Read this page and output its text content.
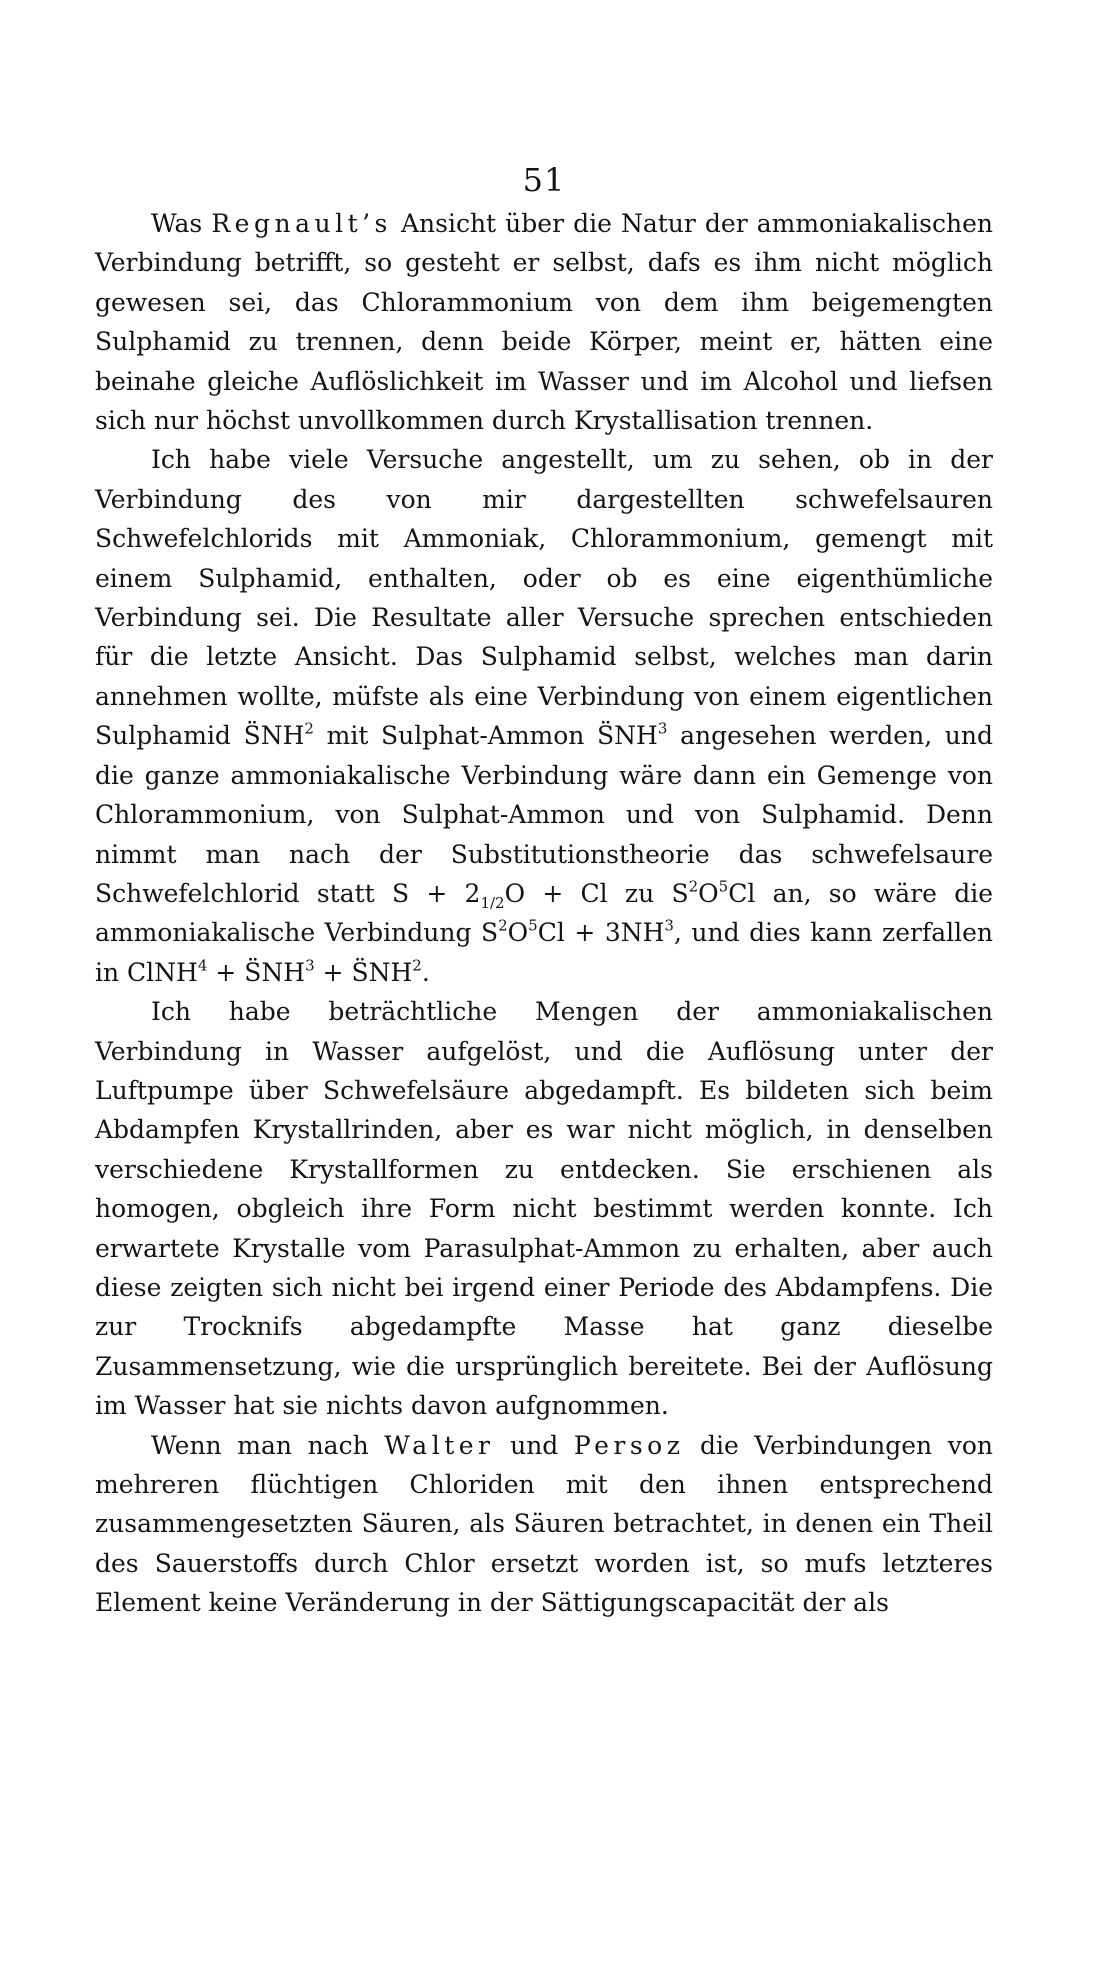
51

Was Regnault’s Ansicht über die Natur der ammoniakalischen Verbindung betrifft, so gesteht er selbst, dafs es ihm nicht möglich gewesen sei, das Chlorammonium von dem ihm beigemengten Sulphamid zu trennen, denn beide Körper, meint er, hätten eine beinahe gleiche Auflöslichkeit im Wasser und im Alcohol und liefsen sich nur höchst unvollkommen durch Krystallisation trennen.

Ich habe viele Versuche angestellt, um zu sehen, ob in der Verbindung des von mir dargestellten schwefelsauren Schwefelchlorids mit Ammoniak, Chlorammonium, gemengt mit einem Sulphamid, enthalten, oder ob es eine eigenthümliche Verbindung sei. Die Resultate aller Versuche sprechen entschieden für die letzte Ansicht. Das Sulphamid selbst, welches man darin annehmen wollte, müfste als eine Verbindung von einem eigentlichen Sulphamid $S̈NH^2$ mit Sulphat-Ammon $S̈NH^3$ angesehen werden, und die ganze ammoniakalische Verbindung wäre dann ein Gemenge von Chlorammonium, von Sulphat-Ammon und von Sulphamid. Denn nimmt man nach der Substitutionstheorie das schwefelsaure Schwefelchlorid statt $S + 2_{1/2}O + Cl$ zu $S^2O^5Cl$ an, so wäre die ammoniakalische Verbindung $S^2O^5Cl + 3NH^3$, und dies kann zerfallen in ClNH$^4$ + $S̈NH^3$ + $S̈NH^2$.

Ich habe beträchtliche Mengen der ammoniakalischen Verbindung in Wasser aufgelöst, und die Auflösung unter der Luftpumpe über Schwefelsäure abgedampft. Es bildeten sich beim Abdampfen Krystallrinden, aber es war nicht möglich, in denselben verschiedene Krystallformen zu entdecken. Sie erschienen als homogen, obgleich ihre Form nicht bestimmt werden konnte. Ich erwartete Krystalle vom Parasulphat-Ammon zu erhalten, aber auch diese zeigten sich nicht bei irgend einer Periode des Abdampfens. Die zur Trocknifs abgedampfte Masse hat ganz dieselbe Zusammensetzung, wie die ursprünglich bereitete. Bei der Auflösung im Wasser hat sie nichts davon aufgnommen.

Wenn man nach Walter und Persoz die Verbindungen von mehreren flüchtigen Chloriden mit den ihnen entsprechend zusammengesetzten Säuren, als Säuren betrachtet, in denen ein Theil des Sauerstoffs durch Chlor ersetzt worden ist, so mufs letzteres Element keine Veränderung in der Sättigungscapacität der als
